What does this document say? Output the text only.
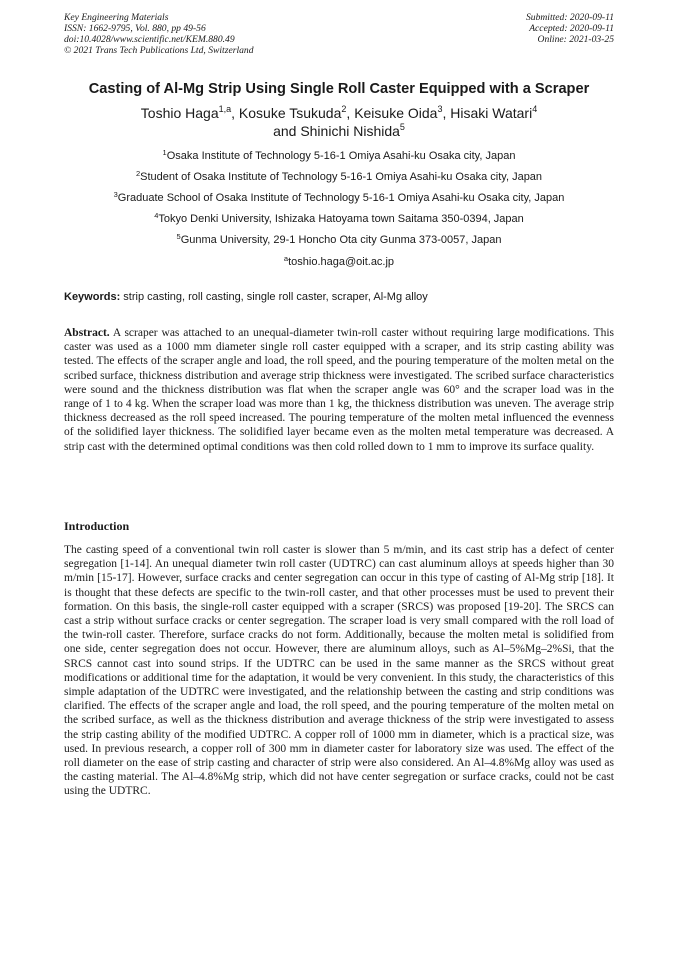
Key Engineering Materials
ISSN: 1662-9795, Vol. 880, pp 49-56
doi:10.4028/www.scientific.net/KEM.880.49
© 2021 Trans Tech Publications Ltd, Switzerland
Submitted: 2020-09-11
Accepted: 2020-09-11
Online: 2021-03-25
Casting of Al-Mg Strip Using Single Roll Caster Equipped with a Scraper
Toshio Haga$^{1,a}$, Kosuke Tsukuda$^2$, Keisuke Oida$^3$, Hisaki Watari$^4$
and Shinichi Nishida$^5$
$^1$Osaka Institute of Technology 5-16-1 Omiya Asahi-ku Osaka city, Japan
$^2$Student of Osaka Institute of Technology 5-16-1 Omiya Asahi-ku Osaka city, Japan
$^3$Graduate School of Osaka Institute of Technology 5-16-1 Omiya Asahi-ku Osaka city, Japan
$^4$Tokyo Denki University, Ishizaka Hatoyama town Saitama 350-0394, Japan
$^5$Gunma University, 29-1 Honcho Ota city Gunma 373-0057, Japan
$^a$toshio.haga@oit.ac.jp
Keywords: strip casting, roll casting, single roll caster, scraper, Al-Mg alloy

Abstract. A scraper was attached to an unequal-diameter twin-roll caster without requiring large modifications. This caster was used as a 1000 mm diameter single roll caster equipped with a scraper, and its strip casting ability was tested. The effects of the scraper angle and load, the roll speed, and the pouring temperature of the molten metal on the scribed surface, thickness distribution and average strip thickness were investigated. The scribed surface characteristics were sound and the thickness distribution was flat when the scraper angle was 60° and the scraper load was in the range of 1 to 4 kg. When the scraper load was more than 1 kg, the thickness distribution was uneven. The average strip thickness decreased as the roll speed increased. The pouring temperature of the molten metal influenced the evenness of the solidified layer thickness. The solidified layer became even as the molten metal temperature was decreased. A strip cast with the determined optimal conditions was then cold rolled down to 1 mm to improve its surface quality.

Introduction

The casting speed of a conventional twin roll caster is slower than 5 m/min, and its cast strip has a defect of center segregation [1-14]. An unequal diameter twin roll caster (UDTRC) can cast aluminum alloys at speeds higher than 30 m/min [15-17]. However, surface cracks and center segregation can occur in this type of casting of Al-Mg strip [18]. It is thought that these defects are specific to the twin-roll caster, and that other processes must be used to prevent their formation. On this basis, the single-roll caster equipped with a scraper (SRCS) was proposed [19-20]. The SRCS can cast a strip without surface cracks or center segregation. The scraper load is very small compared with the roll load of the twin-roll caster. Therefore, surface cracks do not form. Additionally, because the molten metal is solidified from one side, center segregation does not occur. However, there are aluminum alloys, such as Al–5%Mg–2%Si, that the SRCS cannot cast into sound strips. If the UDTRC can be used in the same manner as the SRCS without great modifications or additional time for the adaptation, it would be very convenient. In this study, the characteristics of this simple adaptation of the UDTRC were investigated, and the relationship between the casting and strip conditions was clarified. The effects of the scraper angle and load, the roll speed, and the pouring temperature of the molten metal on the scribed surface, as well as the thickness distribution and average thickness of the strip were investigated to assess the strip casting ability of the modified UDTRC. A copper roll of 1000 mm in diameter, which is a practical size, was used. In previous research, a copper roll of 300 mm in diameter caster for laboratory size was used. The effect of the roll diameter on the ease of strip casting and character of strip were also considered. An Al–4.8%Mg alloy was used as the casting material. The Al–4.8%Mg strip, which did not have center segregation or surface cracks, could not be cast using the UDTRC.
